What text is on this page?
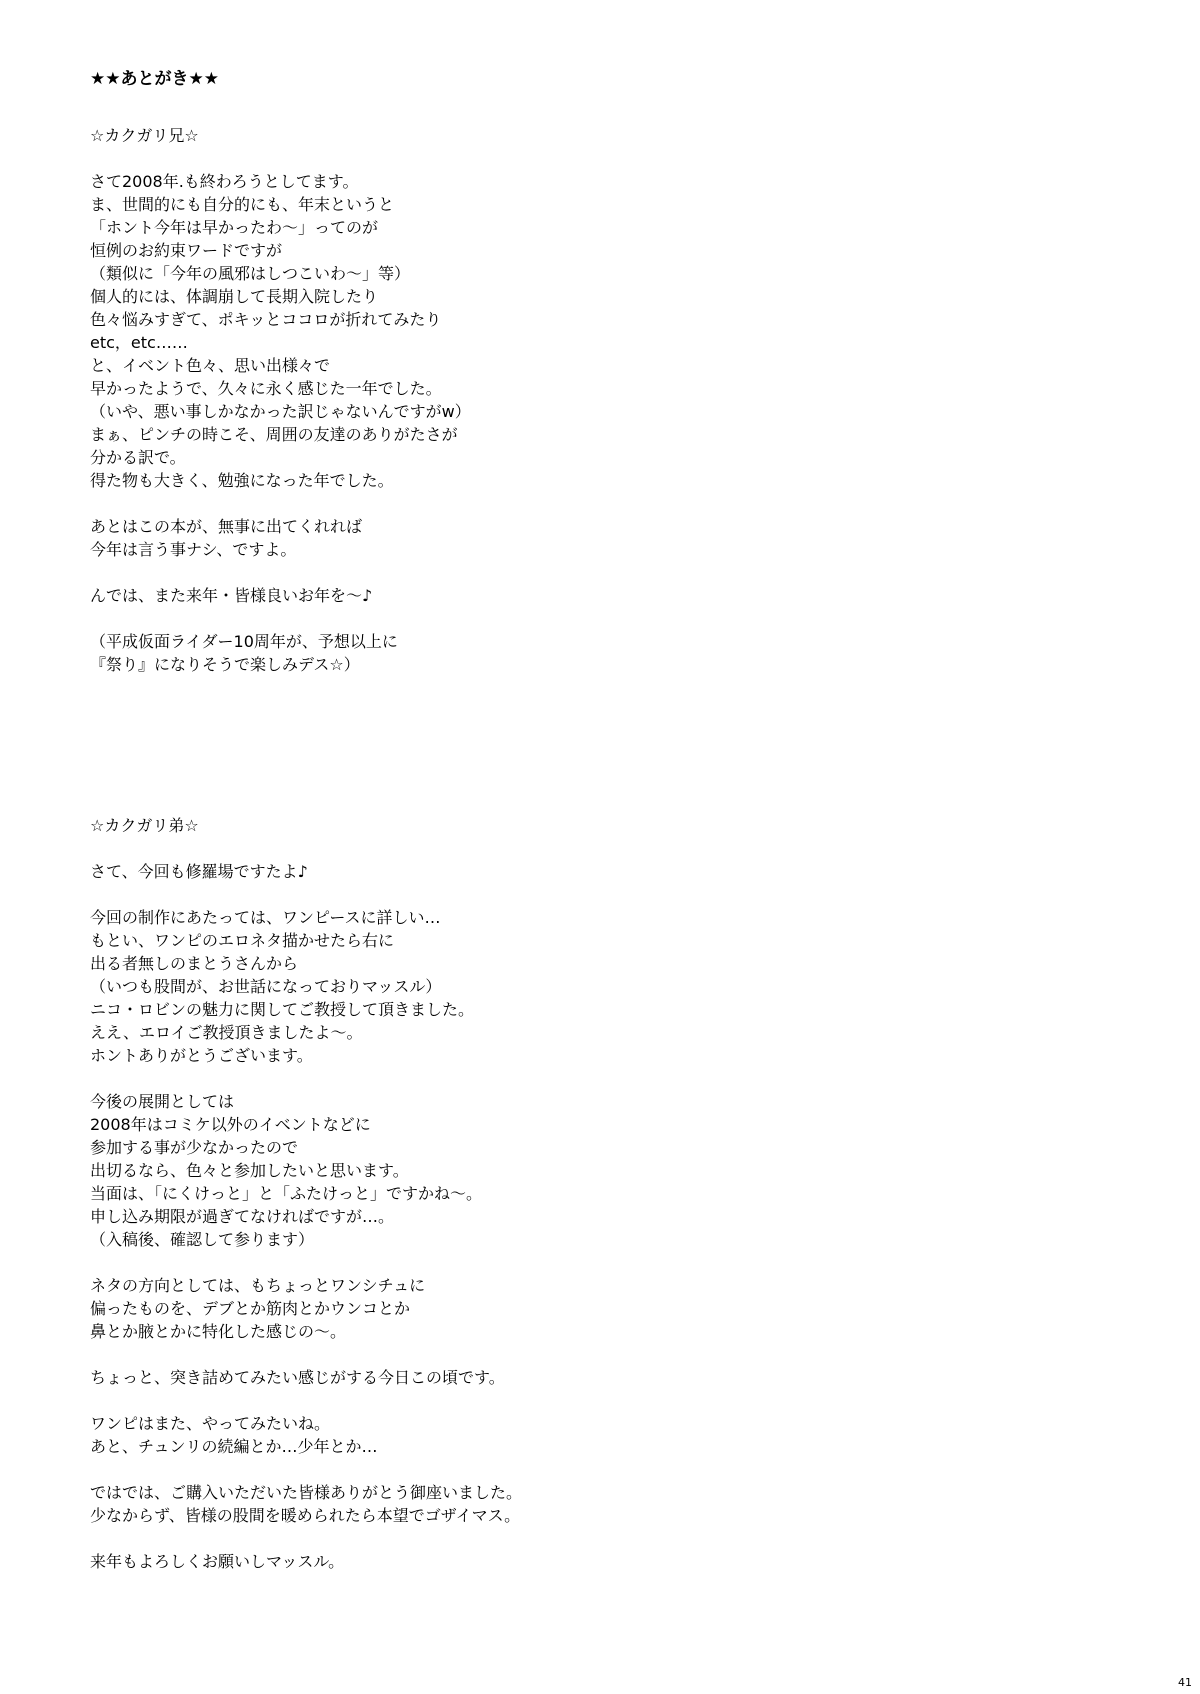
★★あとがき★★
☆カクガリ兄☆
さて2008年.も終わろうとしてます。
ま、世間的にも自分的にも、年末というと
「ホント今年は早かったわ～」ってのが
恒例のお約束ワードですが
（類似に「今年の風邪はしつこいわ～」等）
個人的には、体調崩して長期入院したり
色々悩みすぎて、ポキッとココロが折れてみたり
etc，etc……
と、イベント色々、思い出様々で
早かったようで、久々に永く感じた一年でした。
（いや、悪い事しかなかった訳じゃないんですがw）
まぁ、ピンチの時こそ、周囲の友達のありがたさが
分かる訳で。
得た物も大きく、勉強になった年でした。
あとはこの本が、無事に出てくれれば
今年は言う事ナシ、ですよ。
んでは、また来年・皆様良いお年を～♪
（平成仮面ライダー10周年が、予想以上に
『祭り』になりそうで楽しみデス☆）
☆カクガリ弟☆
さて、今回も修羅場ですたよ♪
今回の制作にあたっては、ワンピースに詳しい…
もとい、ワンピのエロネタ描かせたら右に
出る者無しのまとうさんから
（いつも股間が、お世話になっておりマッスル）
ニコ・ロビンの魅力に関してご教授して頂きました。
ええ、エロイご教授頂きましたよ～。
ホントありがとうございます。
今後の展開としては
2008年はコミケ以外のイベントなどに
参加する事が少なかったので
出切るなら、色々と参加したいと思います。
当面は、「にくけっと」と「ふたけっと」ですかね～。
申し込み期限が過ぎてなければですが…。
（入稿後、確認して参ります）
ネタの方向としては、もちょっとワンシチュに
偏ったものを、デブとか筋肉とかウンコとか
鼻とか腋とかに特化した感じの～。
ちょっと、突き詰めてみたい感じがする今日この頃です。
ワンピはまた、やってみたいね。
あと、チュンリの続編とか…少年とか…
ではでは、ご購入いただいた皆様ありがとう御座いました。
少なからず、皆様の股間を暖められたら本望でゴザイマス。
来年もよろしくお願いしマッスル。
41
